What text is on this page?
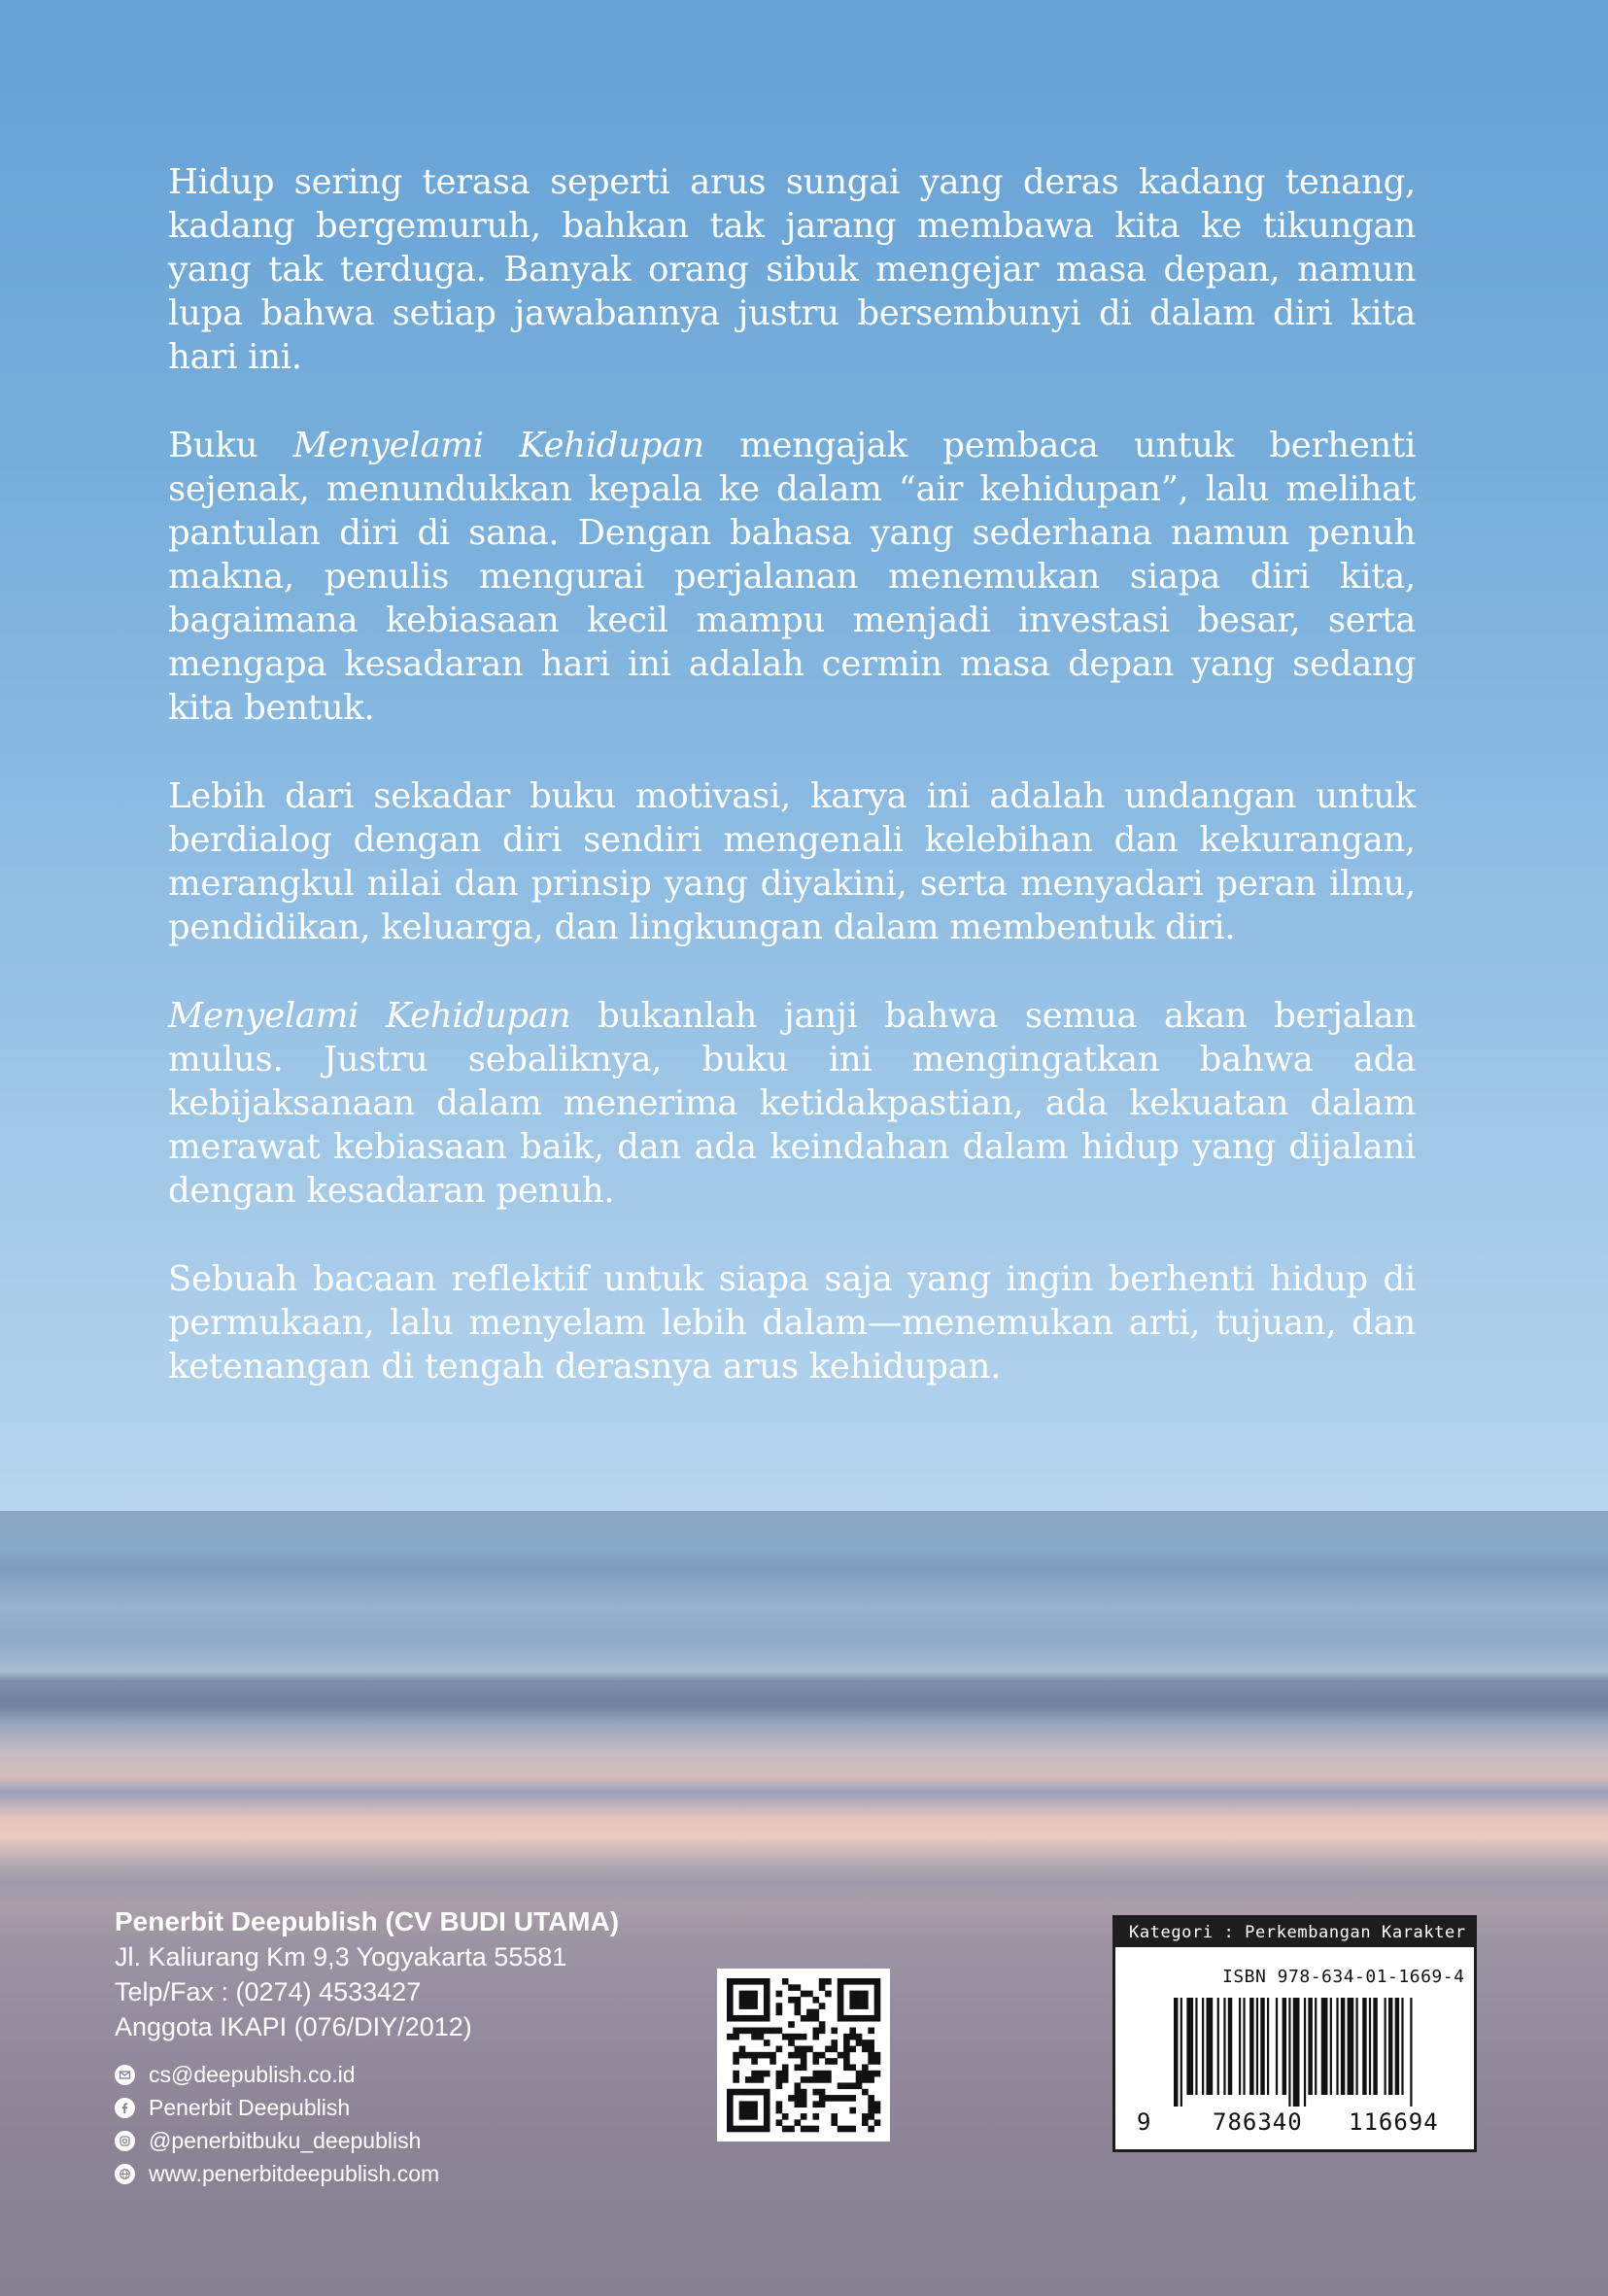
Hidup sering terasa seperti arus sungai yang deras kadang tenang, kadang bergemuruh, bahkan tak jarang membawa kita ke tikungan yang tak terduga. Banyak orang sibuk mengejar masa depan, namun lupa bahwa setiap jawabannya justru bersembunyi di dalam diri kita hari ini.

Buku Menyelami Kehidupan mengajak pembaca untuk berhenti sejenak, menundukkan kepala ke dalam “air kehidupan”, lalu melihat pantulan diri di sana. Dengan bahasa yang sederhana namun penuh makna, penulis mengurai perjalanan menemukan siapa diri kita, bagaimana kebiasaan kecil mampu menjadi investasi besar, serta mengapa kesadaran hari ini adalah cermin masa depan yang sedang kita bentuk.

Lebih dari sekadar buku motivasi, karya ini adalah undangan untuk berdialog dengan diri sendiri mengenali kelebihan dan kekurangan, merangkul nilai dan prinsip yang diyakini, serta menyadari peran ilmu, pendidikan, keluarga, dan lingkungan dalam membentuk diri.

Menyelami Kehidupan bukanlah janji bahwa semua akan berjalan mulus. Justru sebaliknya, buku ini mengingatkan bahwa ada kebijaksanaan dalam menerima ketidakpastian, ada kekuatan dalam merawat kebiasaan baik, dan ada keindahan dalam hidup yang dijalani dengan kesadaran penuh.

Sebuah bacaan reflektif untuk siapa saja yang ingin berhenti hidup di permukaan, lalu menyelam lebih dalam—menemukan arti, tujuan, dan ketenangan di tengah derasnya arus kehidupan.

Penerbit Deepublish (CV BUDI UTAMA)
Jl. Kaliurang Km 9,3 Yogyakarta 55581
Telp/Fax : (0274) 4533427
Anggota IKAPI (076/DIY/2012)
cs@deepublish.co.id
Penerbit Deepublish
@penerbitbuku_deepublish
www.penerbitdeepublish.com
Kategori : Perkembangan Karakter
ISBN 978-634-01-1669-4
9	786340 116694
